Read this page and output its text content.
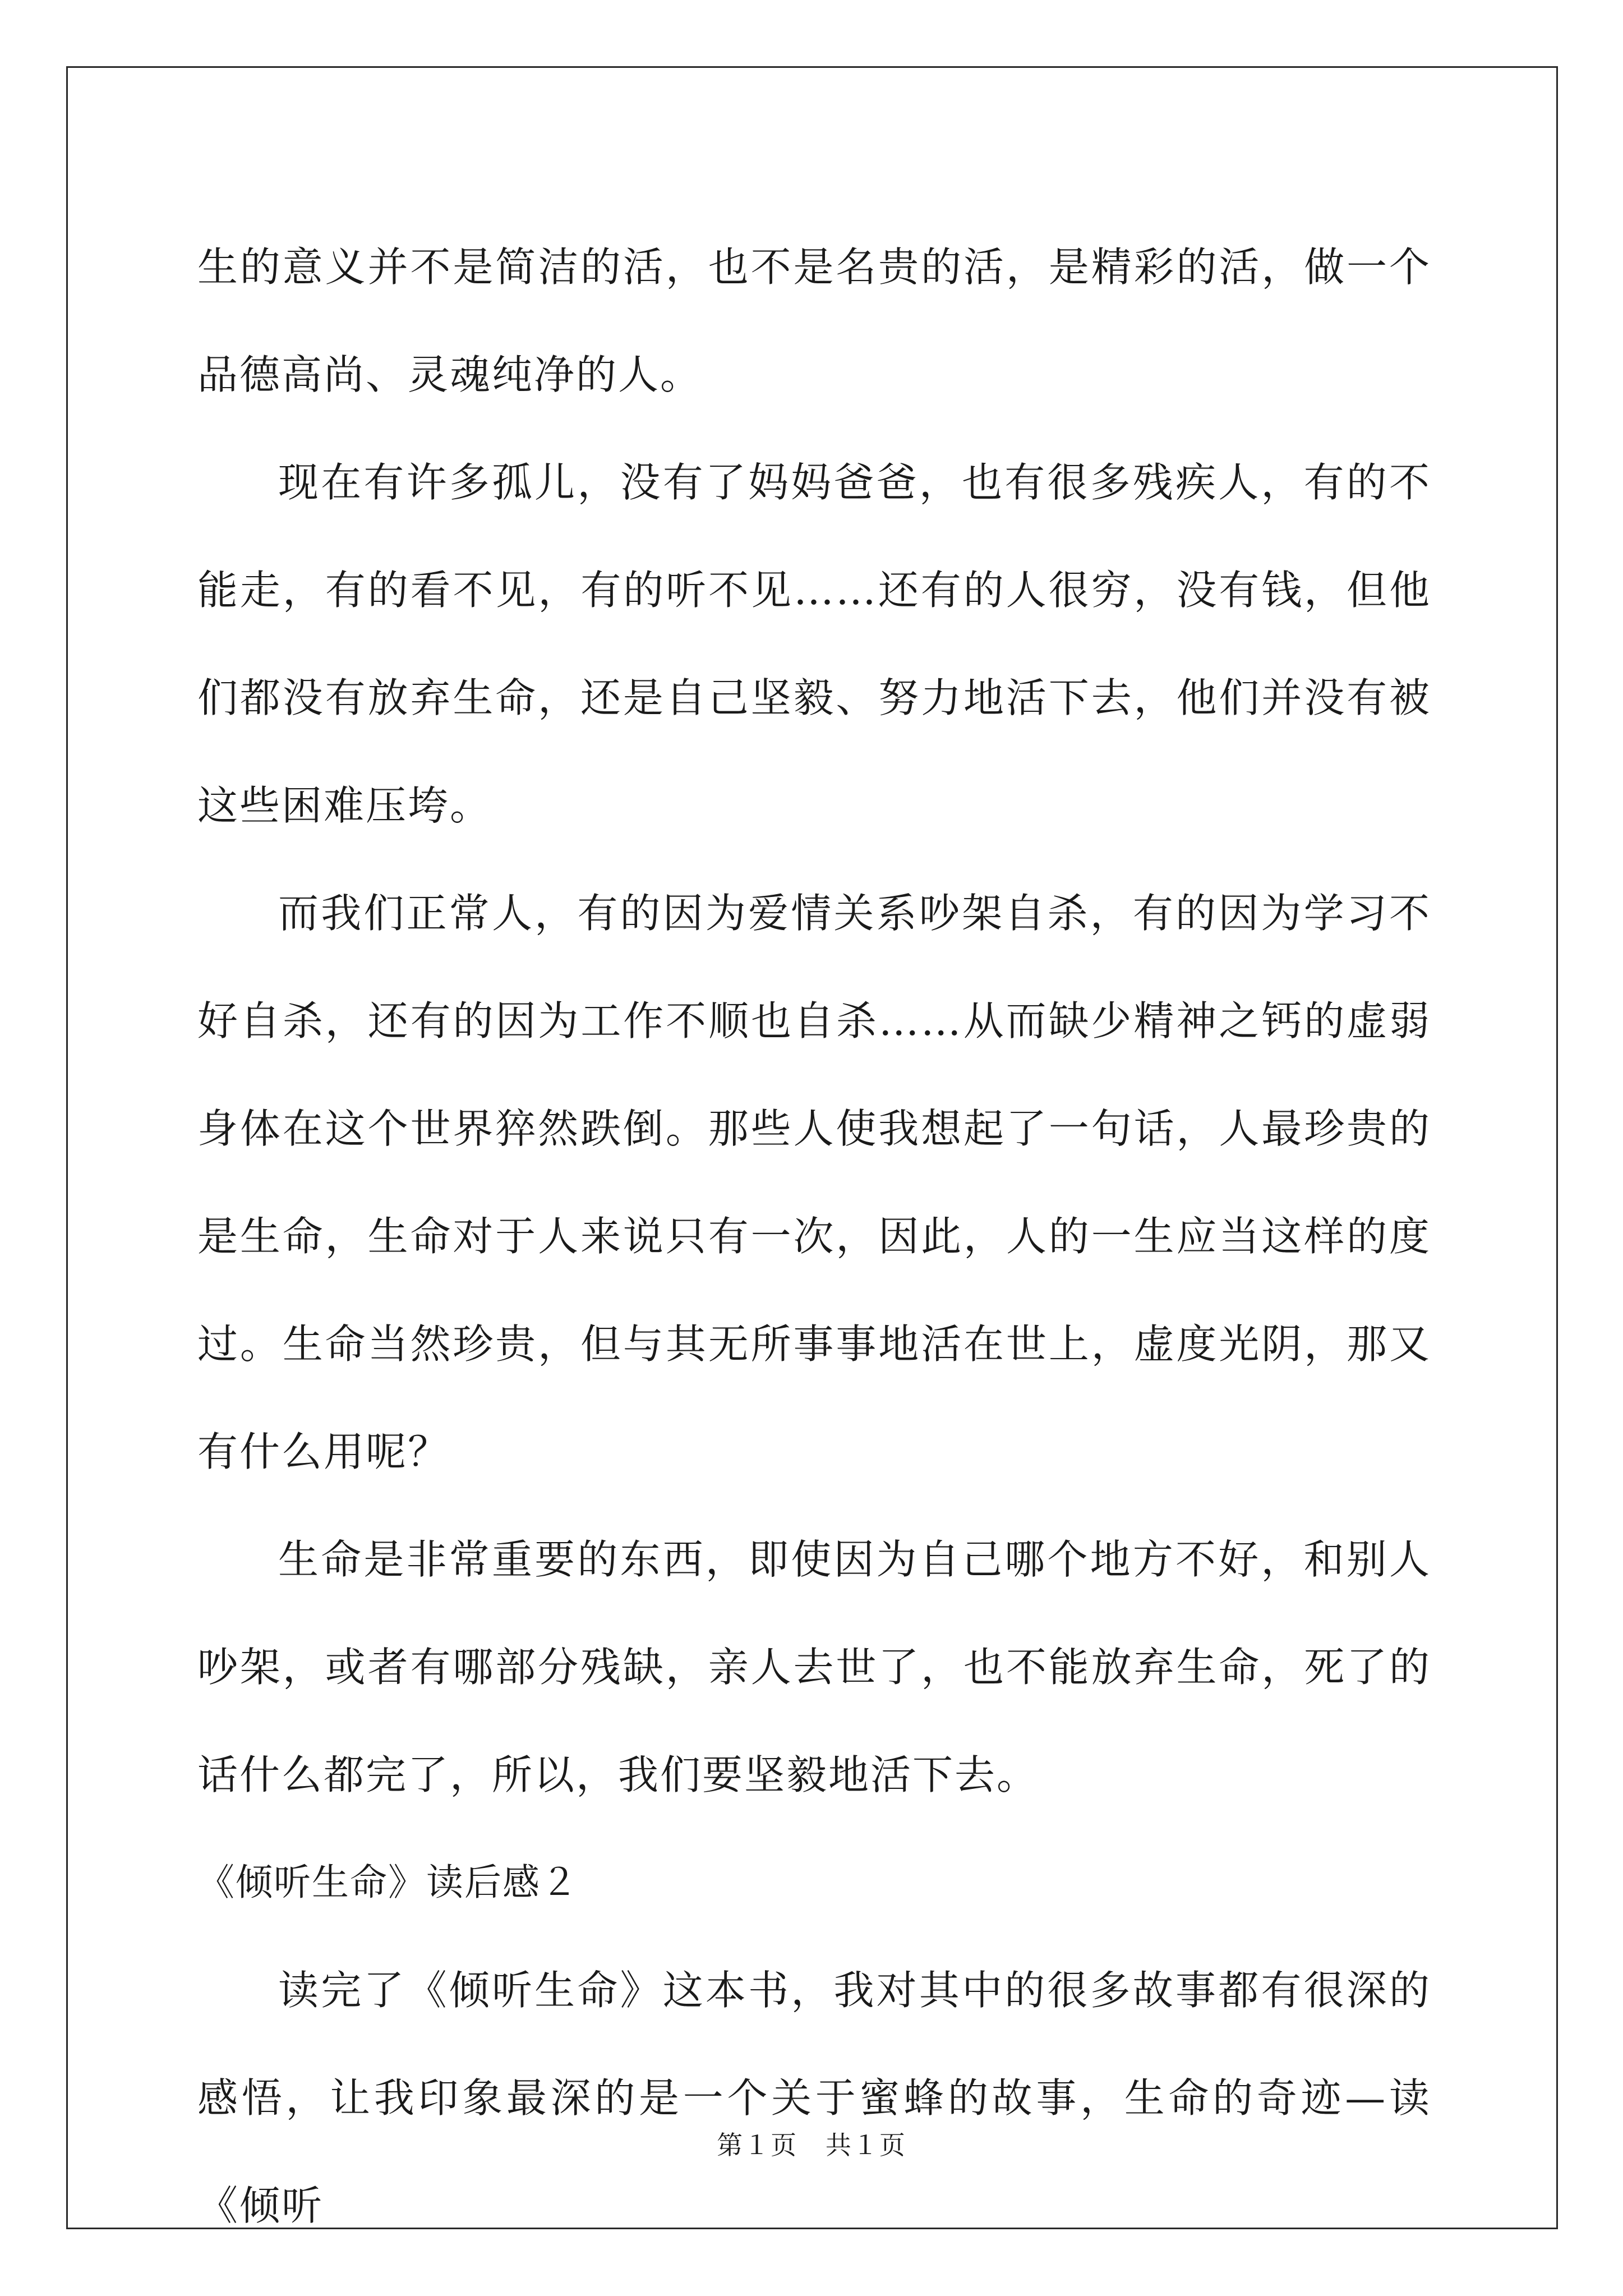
生的意义并不是简洁的活，也不是名贵的活，是精彩的活，做一个品德高尚、灵魂纯净的人。

现在有许多孤儿，没有了妈妈爸爸，也有很多残疾人，有的不能走，有的看不见，有的听不见……还有的人很穷，没有钱，但他们都没有放弃生命，还是自己坚毅、努力地活下去，他们并没有被这些困难压垮。

而我们正常人，有的因为爱情关系吵架自杀，有的因为学习不好自杀，还有的因为工作不顺也自杀……从而缺少精神之钙的虚弱身体在这个世界猝然跌倒。那些人使我想起了一句话，人最珍贵的是生命，生命对于人来说只有一次，因此，人的一生应当这样的度过。生命当然珍贵，但与其无所事事地活在世上，虚度光阴，那又有什么用呢？

生命是非常重要的东西，即使因为自己哪个地方不好，和别人吵架，或者有哪部分残缺，亲人去世了，也不能放弃生命，死了的话什么都完了，所以，我们要坚毅地活下去。

《倾听生命》读后感２

读完了《倾听生命》这本书，我对其中的很多故事都有很深的感悟，让我印象最深的是一个关于蜜蜂的故事，生命的奇迹—读《倾听

第１页   共１页
